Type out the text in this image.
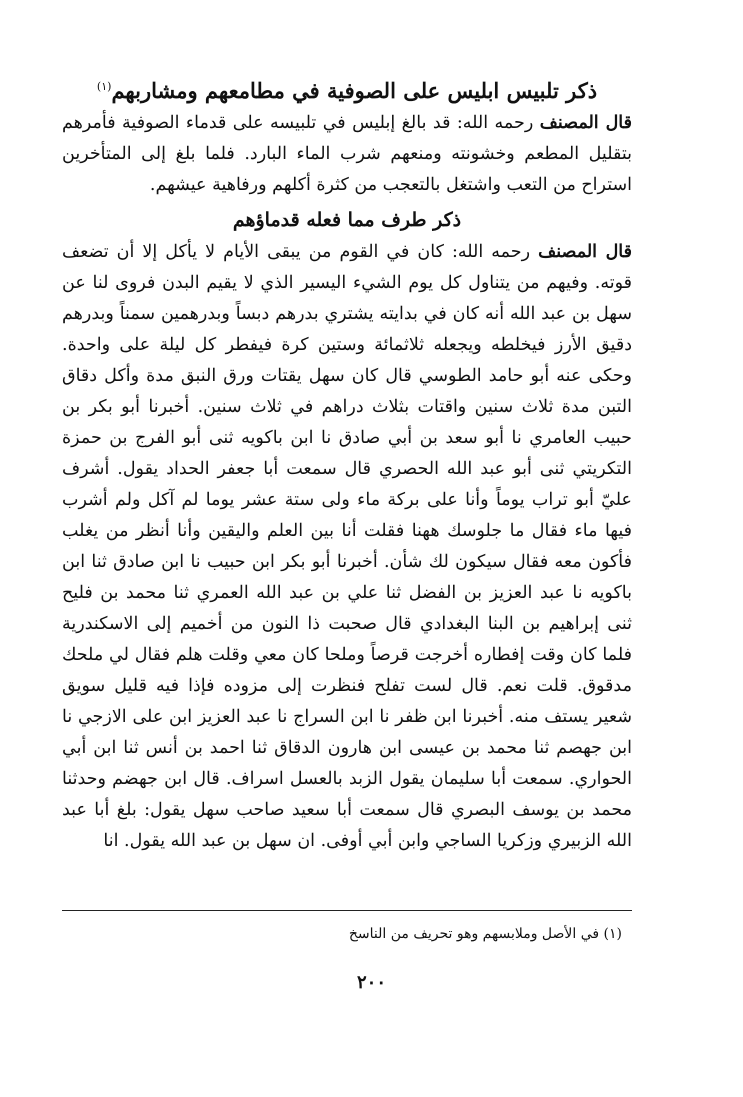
ذكر تلبيس ابليس على الصوفية في مطامعهم ومشاربهم$^{(١)}$

قال المصنف رحمه الله: قد بالغ إبليس في تلبيسه على قدماء الصوفية فأمرهم بتقليل المطعم وخشونته ومنعهم شرب الماء البارد. فلما بلغ إلى المتأخرين استراح من التعب واشتغل بالتعجب من كثرة أكلهم ورفاهية عيشهم.

ذكر طرف مما فعله قدماؤهم

قال المصنف رحمه الله: كان في القوم من يبقى الأيام لا يأكل إلا أن تضعف قوته. وفيهم من يتناول كل يوم الشيء اليسير الذي لا يقيم البدن فروى لنا عن سهل بن عبد الله أنه كان في بدايته يشتري بدرهم دبساً وبدرهمين سمناً وبدرهم دقيق الأرز فيخلطه ويجعله ثلاثمائة وستين كرة فيفطر كل ليلة على واحدة. وحكى عنه أبو حامد الطوسي قال كان سهل يقتات ورق النبق مدة وأكل دقاق التبن مدة ثلاث سنين واقتات بثلاث دراهم في ثلاث سنين. أخبرنا أبو بكر بن حبيب العامري نا أبو سعد بن أبي صادق نا ابن باكويه ثنى أبو الفرج بن حمزة التكريتي ثنى أبو عبد الله الحصري قال سمعت أبا جعفر الحداد يقول. أشرف عليّ أبو تراب يوماً وأنا على بركة ماء ولى ستة عشر يوما لم آكل ولم أشرب فيها ماء فقال ما جلوسك ههنا فقلت أنا بين العلم واليقين وأنا أنظر من يغلب فأكون معه فقال سيكون لك شأن. أخبرنا أبو بكر ابن حبيب نا ابن صادق ثنا ابن باكويه نا عبد العزيز بن الفضل ثنا علي بن عبد الله العمري ثنا محمد بن فليح ثنى إبراهيم بن البنا البغدادي قال صحبت ذا النون من أخميم إلى الاسكندرية فلما كان وقت إفطاره أخرجت قرصاً وملحا كان معي وقلت هلم فقال لي ملحك مدقوق. قلت نعم. قال لست تفلح فنظرت إلى مزوده فإذا فيه قليل سويق شعير يستف منه. أخبرنا ابن ظفر نا ابن السراج نا عبد العزيز ابن على الازجي نا ابن جهصم ثنا محمد بن عيسى ابن هارون الدقاق ثنا احمد بن أنس ثنا ابن أبي الحواري. سمعت أبا سليمان يقول الزبد بالعسل اسراف. قال ابن جهضم وحدثنا محمد بن يوسف البصري قال سمعت أبا سعيد صاحب سهل يقول: بلغ أبا عبد الله الزبيري وزكريا الساجي وابن أبي أوفى. ان سهل بن عبد الله يقول. انا

(١) في الأصل وملابسهم وهو تحريف من الناسخ
٢٠٠
